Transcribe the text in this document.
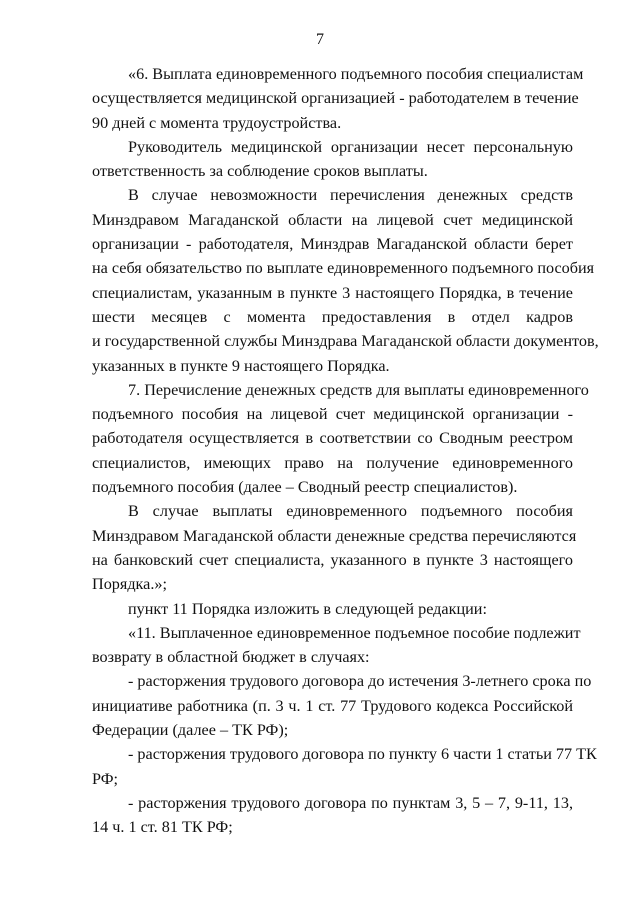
7
«6. Выплата единовременного подъемного пособия специалистам
осуществляется медицинской организацией - работодателем в течение
90 дней с момента трудоустройства.
Руководитель медицинской организации несет персональную
ответственность за соблюдение сроков выплаты.
В случае невозможности перечисления денежных средств
Минздравом Магаданской области на лицевой счет медицинской
организации - работодателя, Минздрав Магаданской области берет
на себя обязательство по выплате единовременного подъемного пособия
специалистам, указанным в пункте 3 настоящего Порядка, в течение
шести месяцев с момента предоставления в отдел кадров
и государственной службы Минздрава Магаданской области документов,
указанных в пункте 9 настоящего Порядка.
7. Перечисление денежных средств для выплаты единовременного
подъемного пособия на лицевой счет медицинской организации -
работодателя осуществляется в соответствии со Сводным реестром
специалистов, имеющих право на получение единовременного
подъемного пособия (далее – Сводный реестр специалистов).
В случае выплаты единовременного подъемного пособия
Минздравом Магаданской области денежные средства перечисляются
на банковский счет специалиста, указанного в пункте 3 настоящего
Порядка.»;
пункт 11 Порядка изложить в следующей редакции:
«11. Выплаченное единовременное подъемное пособие подлежит
возврату в областной бюджет в случаях:
- расторжения трудового договора до истечения 3-летнего срока по
инициативе работника (п. 3 ч. 1 ст. 77 Трудового кодекса Российской
Федерации (далее – ТК РФ);
- расторжения трудового договора по пункту 6 части 1 статьи 77 ТК
РФ;
- расторжения трудового договора по пунктам 3, 5 – 7, 9-11, 13,
14 ч. 1 ст. 81 ТК РФ;
